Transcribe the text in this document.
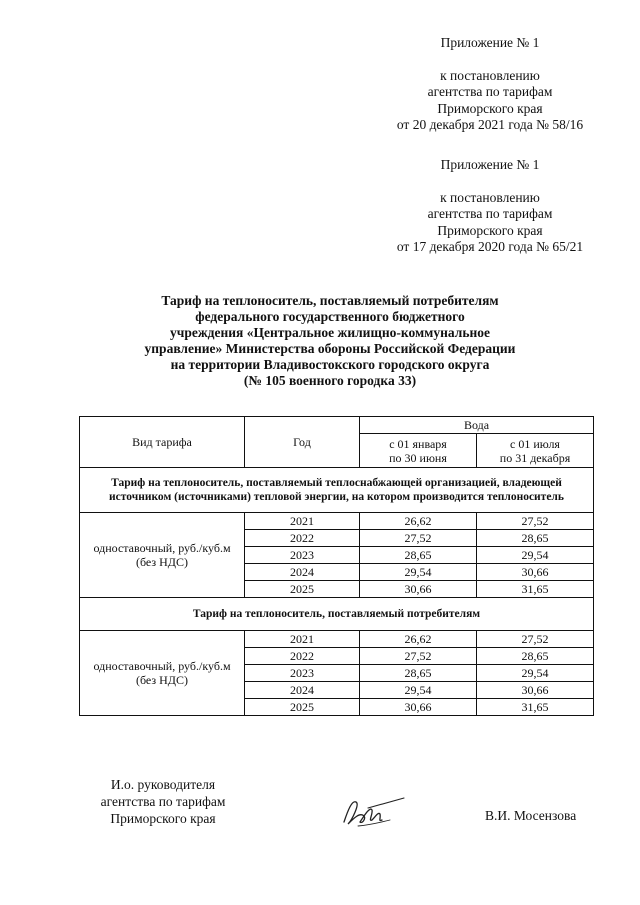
Приложение № 1
к постановлению
агентства по тарифам
Приморского края
от 20 декабря 2021 года № 58/16
Приложение № 1
к постановлению
агентства по тарифам
Приморского края
от 17 декабря 2020 года № 65/21
Тариф на теплоноситель, поставляемый потребителям
федерального государственного бюджетного
учреждения «Центральное жилищно-коммунальное
управление» Министерства обороны Российской Федерации
на территории Владивостокского городского округа
(№ 105 военного городка 33)
Вид тарифа	Год	Вода	
		с 01 января
по 30 июня	с 01 июля
по 31 декабря
Тариф на теплоноситель, поставляемый теплоснабжающей организацией, владеющей источником (источниками) тепловой энергии, на котором производится теплоноситель			
одноставочный, руб./куб.м
(без НДС)	2021	26,62	27,52
	2022	27,52	28,65
	2023	28,65	29,54
	2024	29,54	30,66
	2025	30,66	31,65
Тариф на теплоноситель, поставляемый потребителям			
одноставочный, руб./куб.м
(без НДС)	2021	26,62	27,52
	2022	27,52	28,65
	2023	28,65	29,54
	2024	29,54	30,66
	2025	30,66	31,65
И.о. руководителя
агентства по тарифам
Приморского края	В.И. Мосензова
